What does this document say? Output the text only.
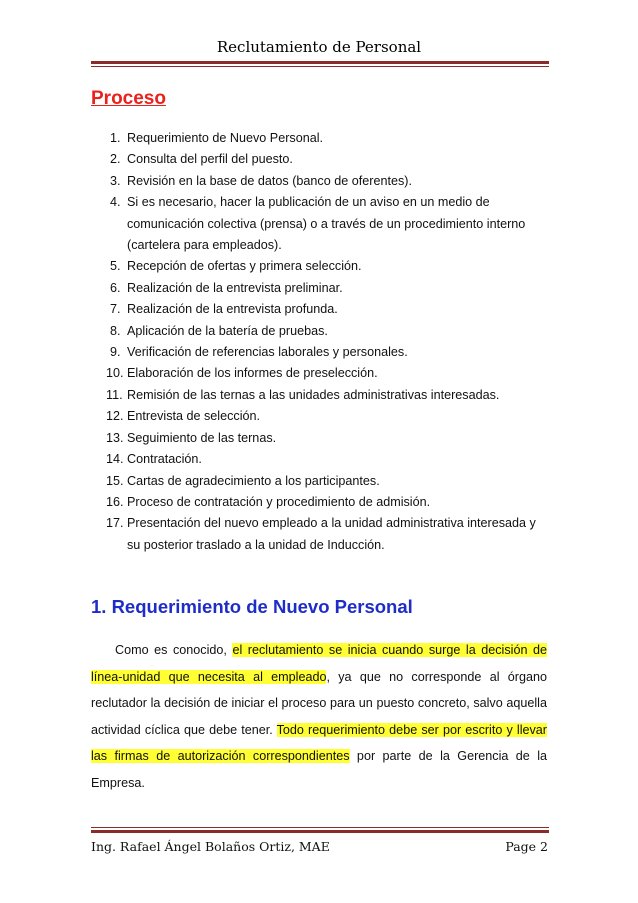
Reclutamiento de Personal
Proceso
1. Requerimiento de Nuevo Personal.
2. Consulta del perfil del puesto.
3. Revisión en la base de datos (banco de oferentes).
4. Si es necesario, hacer la publicación de un aviso en un medio de comunicación colectiva (prensa) o a través de un procedimiento interno (cartelera para empleados).
5. Recepción de ofertas y primera selección.
6. Realización de la entrevista preliminar.
7. Realización de la entrevista profunda.
8. Aplicación de la batería de pruebas.
9. Verificación de referencias laborales y personales.
10. Elaboración de los informes de preselección.
11. Remisión de las ternas a las unidades administrativas interesadas.
12. Entrevista de selección.
13. Seguimiento de las ternas.
14. Contratación.
15. Cartas de agradecimiento a los participantes.
16. Proceso de contratación y procedimiento de admisión.
17. Presentación del nuevo empleado a la unidad administrativa interesada y su posterior traslado a la unidad de Inducción.
1. Requerimiento de Nuevo Personal

Como es conocido, el reclutamiento se inicia cuando surge la decisión de línea-unidad que necesita al empleado, ya que no corresponde al órgano reclutador la decisión de iniciar el proceso para un puesto concreto, salvo aquella actividad cíclica que debe tener. Todo requerimiento debe ser por escrito y llevar las firmas de autorización correspondientes por parte de la Gerencia de la Empresa.

Ing. Rafael Ángel Bolaños Ortiz, MAE	Page 2
